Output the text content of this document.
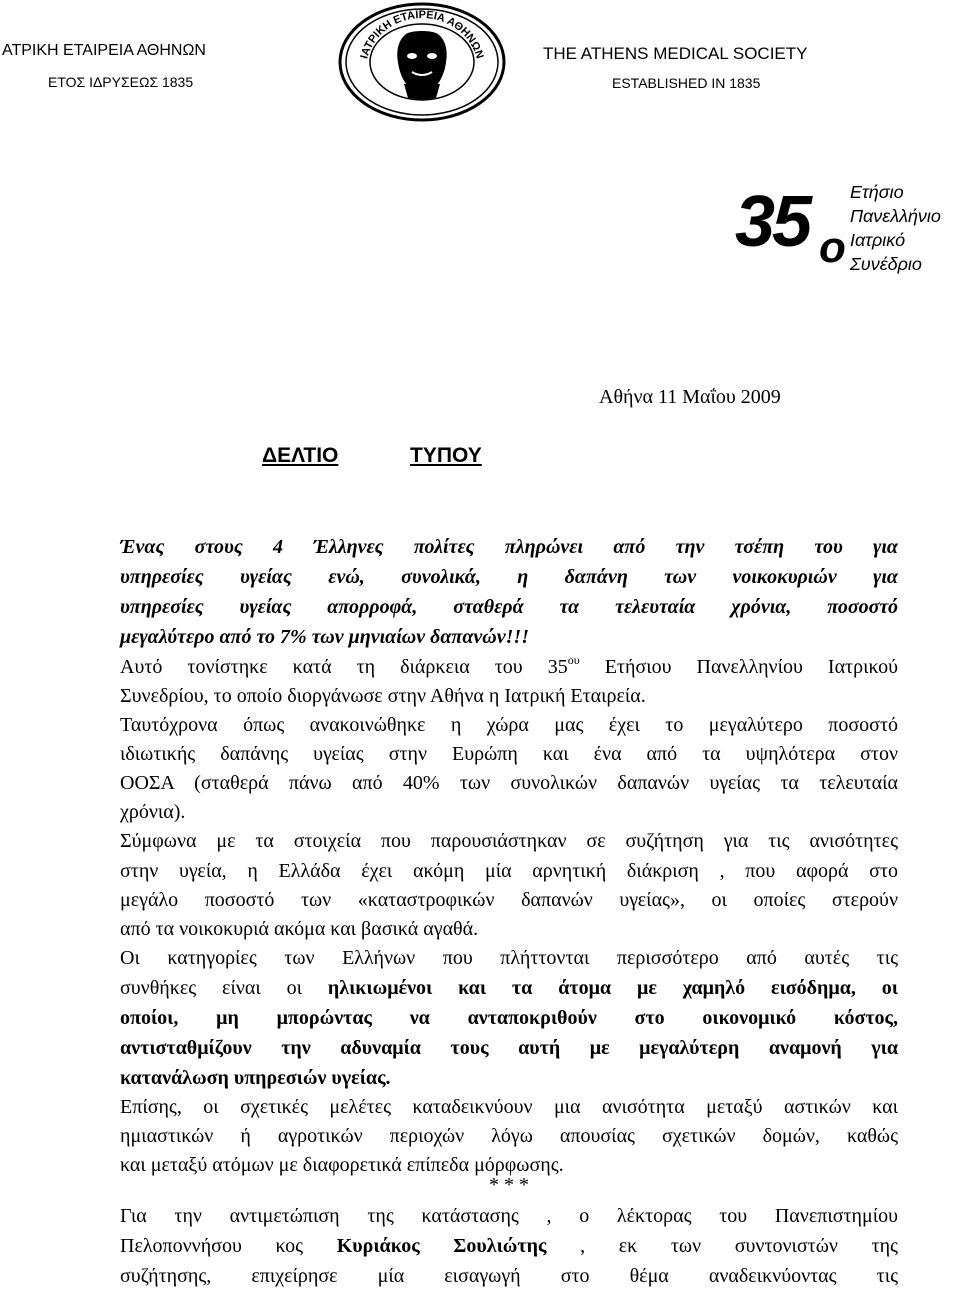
ΑΤΡΙΚΗ ΕΤΑΙΡΕΙΑ ΑΘΗΝΩΝ
ΕΤΟΣ ΙΔΡΥΣΕΩΣ 1835
THE ATHENS MEDICAL SOCIETY
ESTABLISHED IN 1835
ΙΑΤΡΙΚΗ ΕΤΑΙΡΕΙΑ ΑΘΗΝΩΝ
35 ο
Ετήσιο
Πανελλήνιο
Ιατρικό
Συνέδριο
Αθήνα 11 Μαΐου 2009
ΔΕΛΤΙΟ	ΤΥΠΟΥ
Ένας στους 4 Έλληνες πολίτες πληρώνει από την τσέπη του για
υπηρεσίες υγείας ενώ, συνολικά, η δαπάνη των νοικοκυριών για
υπηρεσίες υγείας απορροφά, σταθερά τα τελευταία χρόνια, ποσοστό
μεγαλύτερο από το 7% των μηνιαίων δαπανών!!!
Αυτό τονίστηκε κατά τη διάρκεια του $35^{o\upsilon}$ Ετήσιου Πανελληνίου Ιατρικού
Συνεδρίου, το οποίο διοργάνωσε στην Αθήνα η Ιατρική Εταιρεία.
Ταυτόχρονα όπως ανακοινώθηκε η χώρα μας έχει το μεγαλύτερο ποσοστό
ιδιωτικής δαπάνης υγείας στην Ευρώπη και ένα από τα υψηλότερα στον
ΟΟΣΑ (σταθερά πάνω από 40% των συνολικών δαπανών υγείας τα τελευταία
χρόνια).
Σύμφωνα με τα στοιχεία που παρουσιάστηκαν σε συζήτηση για τις ανισότητες
στην υγεία, η Ελλάδα έχει ακόμη μία αρνητική διάκριση , που αφορά στο
μεγάλο ποσοστό των «καταστροφικών δαπανών υγείας», οι οποίες στερούν
από τα νοικοκυριά ακόμα και βασικά αγαθά.
Οι κατηγορίες των Ελλήνων που πλήττονται περισσότερο από αυτές τις
συνθήκες είναι οι ηλικιωμένοι και τα άτομα με χαμηλό εισόδημα, οι
οποίοι, μη μπορώντας να ανταποκριθούν στο οικονομικό κόστος,
αντισταθμίζουν την αδυναμία τους αυτή με μεγαλύτερη αναμονή για
κατανάλωση υπηρεσιών υγείας.
Επίσης, οι σχετικές μελέτες καταδεικνύουν μια ανισότητα μεταξύ αστικών και
ημιαστικών ή αγροτικών περιοχών λόγω απουσίας σχετικών δομών, καθώς
και μεταξύ ατόμων με διαφορετικά επίπεδα μόρφωσης.
* * *
Για την αντιμετώπιση της κατάστασης , ο λέκτορας του Πανεπιστημίου
Πελοποννήσου κος Κυριάκος Σουλιώτης , εκ των συντονιστών της
συζήτησης, επιχείρησε μία εισαγωγή στο θέμα αναδεικνύοντας τις
